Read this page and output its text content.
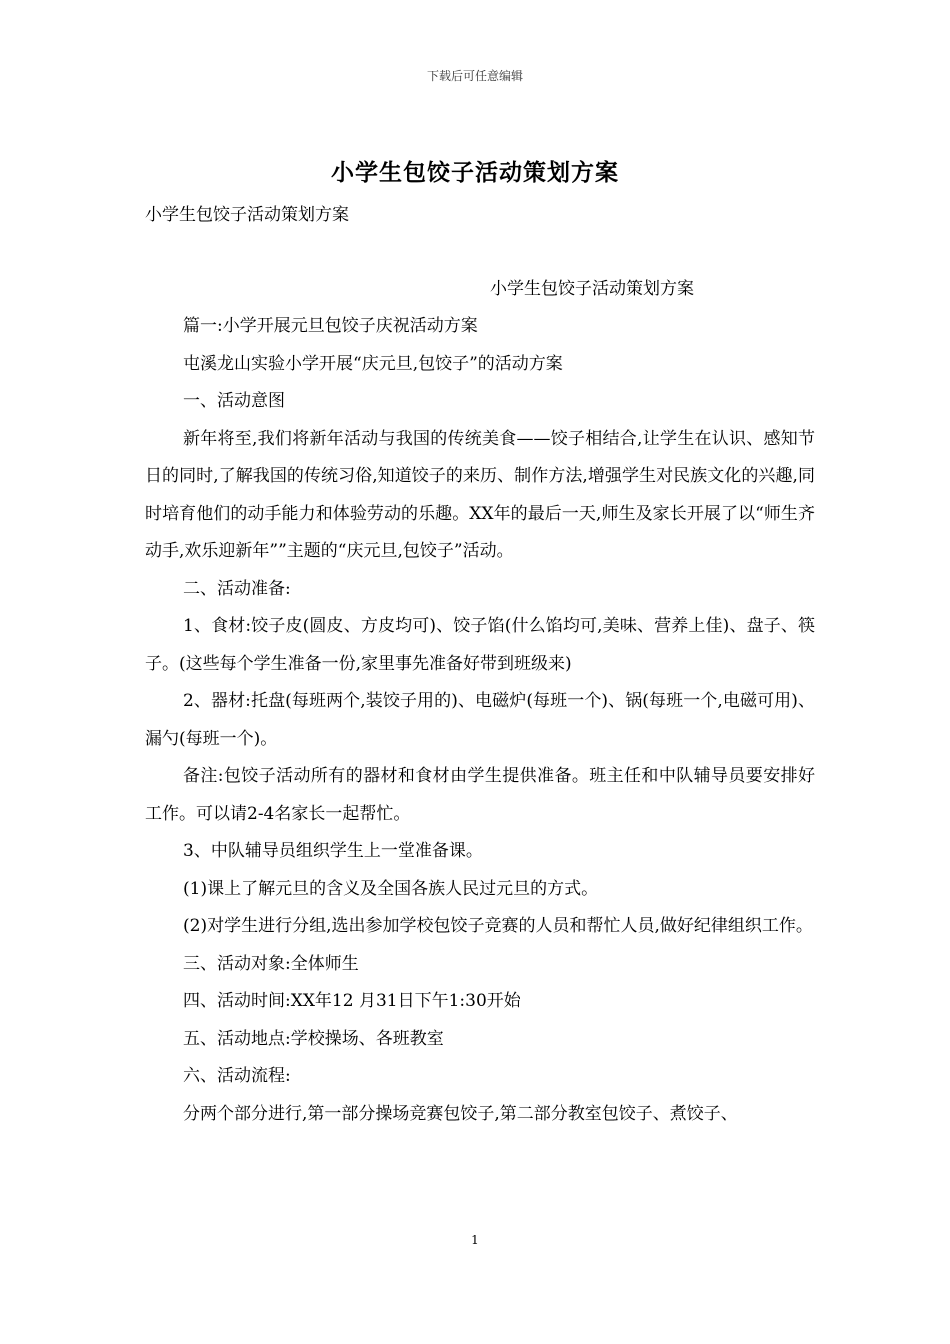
下载后可任意编辑
小学生包饺子活动策划方案
小学生包饺子活动策划方案
小学生包饺子活动策划方案

篇一:小学开展元旦包饺子庆祝活动方案

屯溪龙山实验小学开展“庆元旦,包饺子”的活动方案

一、活动意图

新年将至,我们将新年活动与我国的传统美食——饺子相结合,让学生在认识、感知节日的同时,了解我国的传统习俗,知道饺子的来历、制作方法,增强学生对民族文化的兴趣,同时培育他们的动手能力和体验劳动的乐趣。XX年的最后一天,师生及家长开展了以“师生齐动手,欢乐迎新年””主题的“庆元旦,包饺子”活动。

二、活动准备:

1、食材:饺子皮(圆皮、方皮均可)、饺子馅(什么馅均可,美味、营养上佳)、盘子、筷子。(这些每个学生准备一份,家里事先准备好带到班级来)

2、器材:托盘(每班两个,装饺子用的)、电磁炉(每班一个)、锅(每班一个,电磁可用)、漏勺(每班一个)。

备注:包饺子活动所有的器材和食材由学生提供准备。班主任和中队辅导员要安排好工作。可以请2-4名家长一起帮忙。

3、中队辅导员组织学生上一堂准备课。

(1)课上了解元旦的含义及全国各族人民过元旦的方式。

(2)对学生进行分组,选出参加学校包饺子竞赛的人员和帮忙人员,做好纪律组织工作。

三、活动对象:全体师生

四、活动时间:XX年12 月31日下午1:30开始

五、活动地点:学校操场、各班教室

六、活动流程:

分两个部分进行,第一部分操场竞赛包饺子,第二部分教室包饺子、煮饺子、

1
